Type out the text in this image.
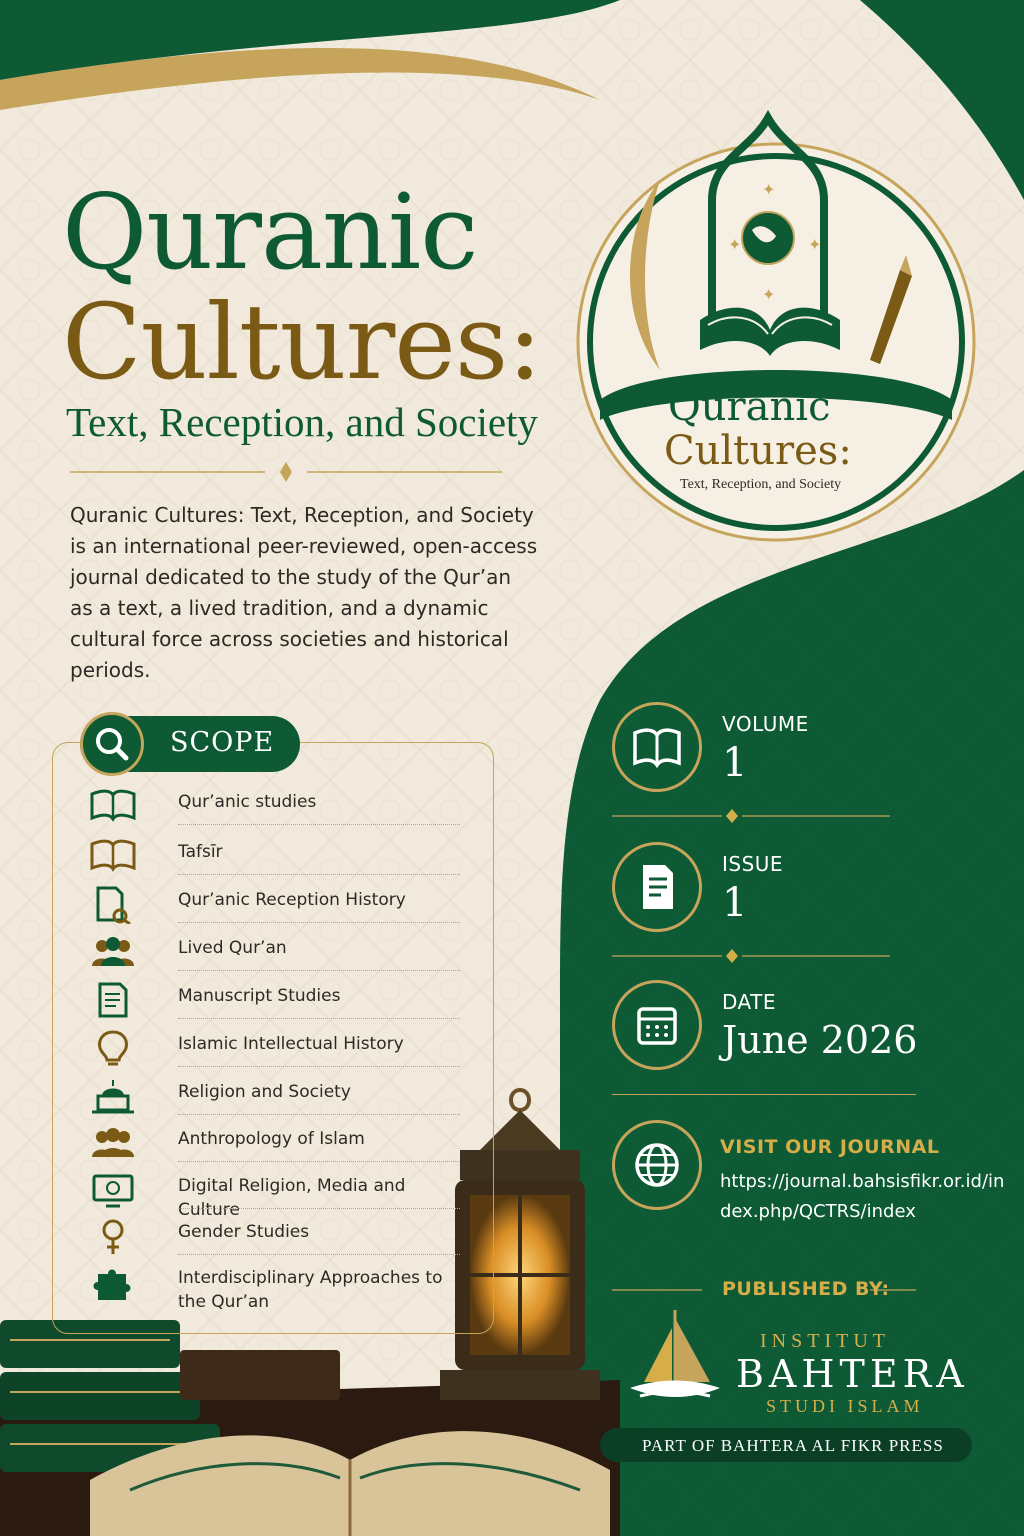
✦	✦
✦
✦
Quranic
Cultures:
Text, Reception, and Society
Quranic Cultures: Text, Reception, and Society is an international peer-reviewed, open-access journal dedicated to the study of the Qur’an as a text, a lived tradition, and a dynamic cultural force across societies and historical periods.
Quranic
Cultures:
Text, Reception, and Society
SCOPE
Qur’anic studies
Tafsīr
Qur’anic Reception History
Lived Qur’an
Manuscript Studies
Islamic Intellectual History
Religion and Society
Anthropology of Islam
Digital Religion, Media and Culture
Gender Studies
Interdisciplinary Approaches to the Qur’an
VOLUME
1
ISSUE
1
DATE
June 2026
VISIT OUR JOURNAL
https://journal.bahsisfikr.or.id/index.php/QCTRS/index
PUBLISHED BY:
INSTITUT
BAHTERA
STUDI ISLAM
PART OF BAHTERA AL FIKR PRESS
